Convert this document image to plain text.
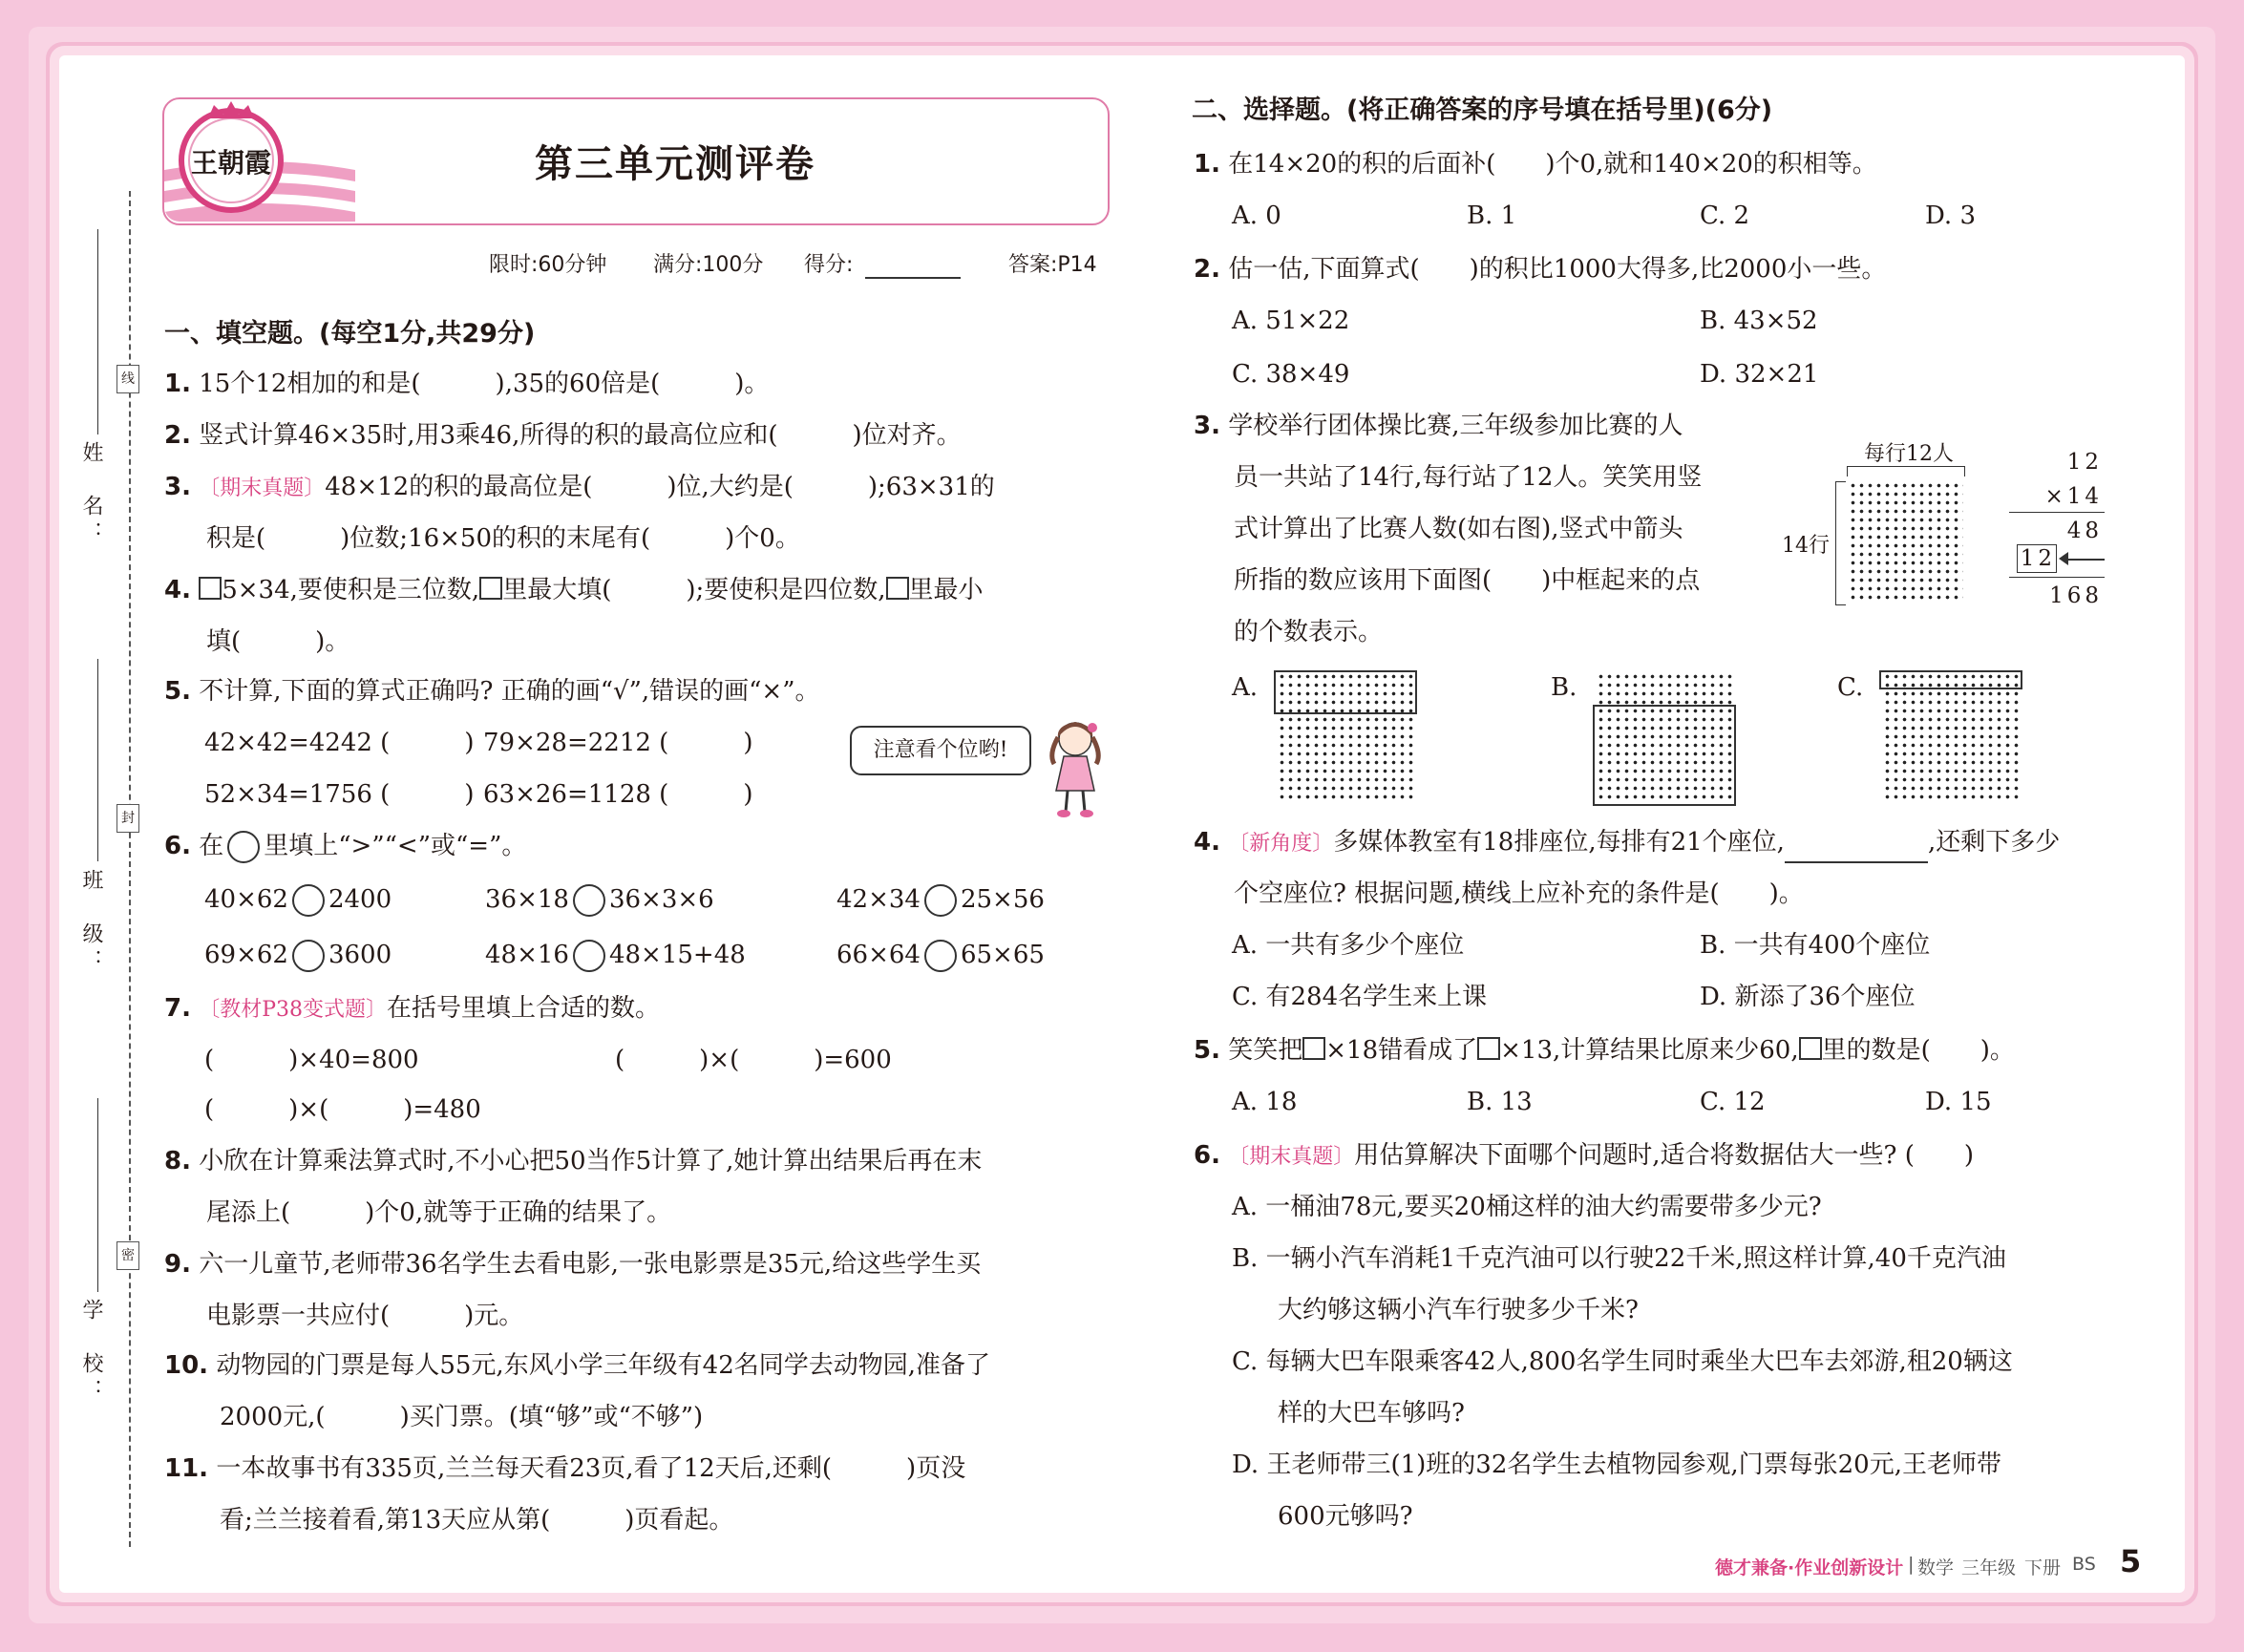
线
封
密
姓　名：
班　级：
学　校：
王朝霞	第三单元测评卷
限时:60分钟 满分:100分 得分:	答案:P14
一、填空题。(每空1分,共29分)
1. 15个12相加的和是(　　　),35的60倍是(　　　)。
2. 竖式计算46×35时,用3乘46,所得的积的最高位应和(　　　)位对齐。
3. 〔期末真题〕48×12的积的最高位是(　　　)位,大约是(　　　);63×31的
积是(　　　)位数;16×50的积的末尾有(　　　)个0。
4. 5×34,要使积是三位数, 里最大填(　　　);要使积是四位数, 里最小
填(　　　)。
5. 不计算,下面的算式正确吗? 正确的画“√”,错误的画“×”。
42×42=4242 (　　　) 79×28=2212 (　　　)
52×34=1756 (　　　) 63×26=1128 (　　　)
注意看个位哟!
6. 在 里填上“>”“<”或“=”。
40×62 2400	36×18 36×3×6	42×34 25×56
69×62 3600	48×16 48×15+48	66×64 65×65
7. 〔教材P38变式题〕在括号里填上合适的数。
(　　　)×40=800	(　　　)×(　　　)=600
(　　　)×(　　　)=480
8. 小欣在计算乘法算式时,不小心把50当作5计算了,她计算出结果后再在末
尾添上(　　　)个0,就等于正确的结果了。
9. 六一儿童节,老师带36名学生去看电影,一张电影票是35元,给这些学生买
电影票一共应付(　　　)元。
10. 动物园的门票是每人55元,东风小学三年级有42名同学去动物园,准备了
2000元,(　　　)买门票。(填“够”或“不够”)
11. 一本故事书有335页,兰兰每天看23页,看了12天后,还剩(　　　)页没
看;兰兰接着看,第13天应从第(　　　)页看起。
二、选择题。(将正确答案的序号填在括号里)(6分)
1. 在14×20的积的后面补(　　)个0,就和140×20的积相等。
A. 0	B. 1	C. 2	D. 3
2. 估一估,下面算式(　　)的积比1000大得多,比2000小一些。
A. 51×22	B. 43×52
C. 38×49	D. 32×21
3. 学校举行团体操比赛,三年级参加比赛的人
员一共站了14行,每行站了12人。笑笑用竖
式计算出了比赛人数(如右图),竖式中箭头
所指的数应该用下面图(　　)中框起来的点
的个数表示。
每行12人
14行
12
×14
48
12
168
A.	B.	C.
4. 〔新角度〕多媒体教室有18排座位,每排有21个座位,	,还剩下多少
个空座位? 根据问题,横线上应补充的条件是(　　)。
A. 一共有多少个座位	B. 一共有400个座位
C. 有284名学生来上课	D. 新添了36个座位
5. 笑笑把 ×18错看成了 ×13,计算结果比原来少60, 里的数是(　　)。
A. 18	B. 13	C. 12	D. 15
6. 〔期末真题〕用估算解决下面哪个问题时,适合将数据估大一些? (　　)
A. 一桶油78元,要买20桶这样的油大约需要带多少元?
B. 一辆小汽车消耗1千克汽油可以行驶22千米,照这样计算,40千克汽油
大约够这辆小汽车行驶多少千米?
C. 每辆大巴车限乘客42人,800名学生同时乘坐大巴车去郊游,租20辆这
样的大巴车够吗?
D. 王老师带三(1)班的32名学生去植物园参观,门票每张20元,王老师带
600元够吗?
德才兼备·作业创新设计 | 数学 三年级 下册 BS 5
